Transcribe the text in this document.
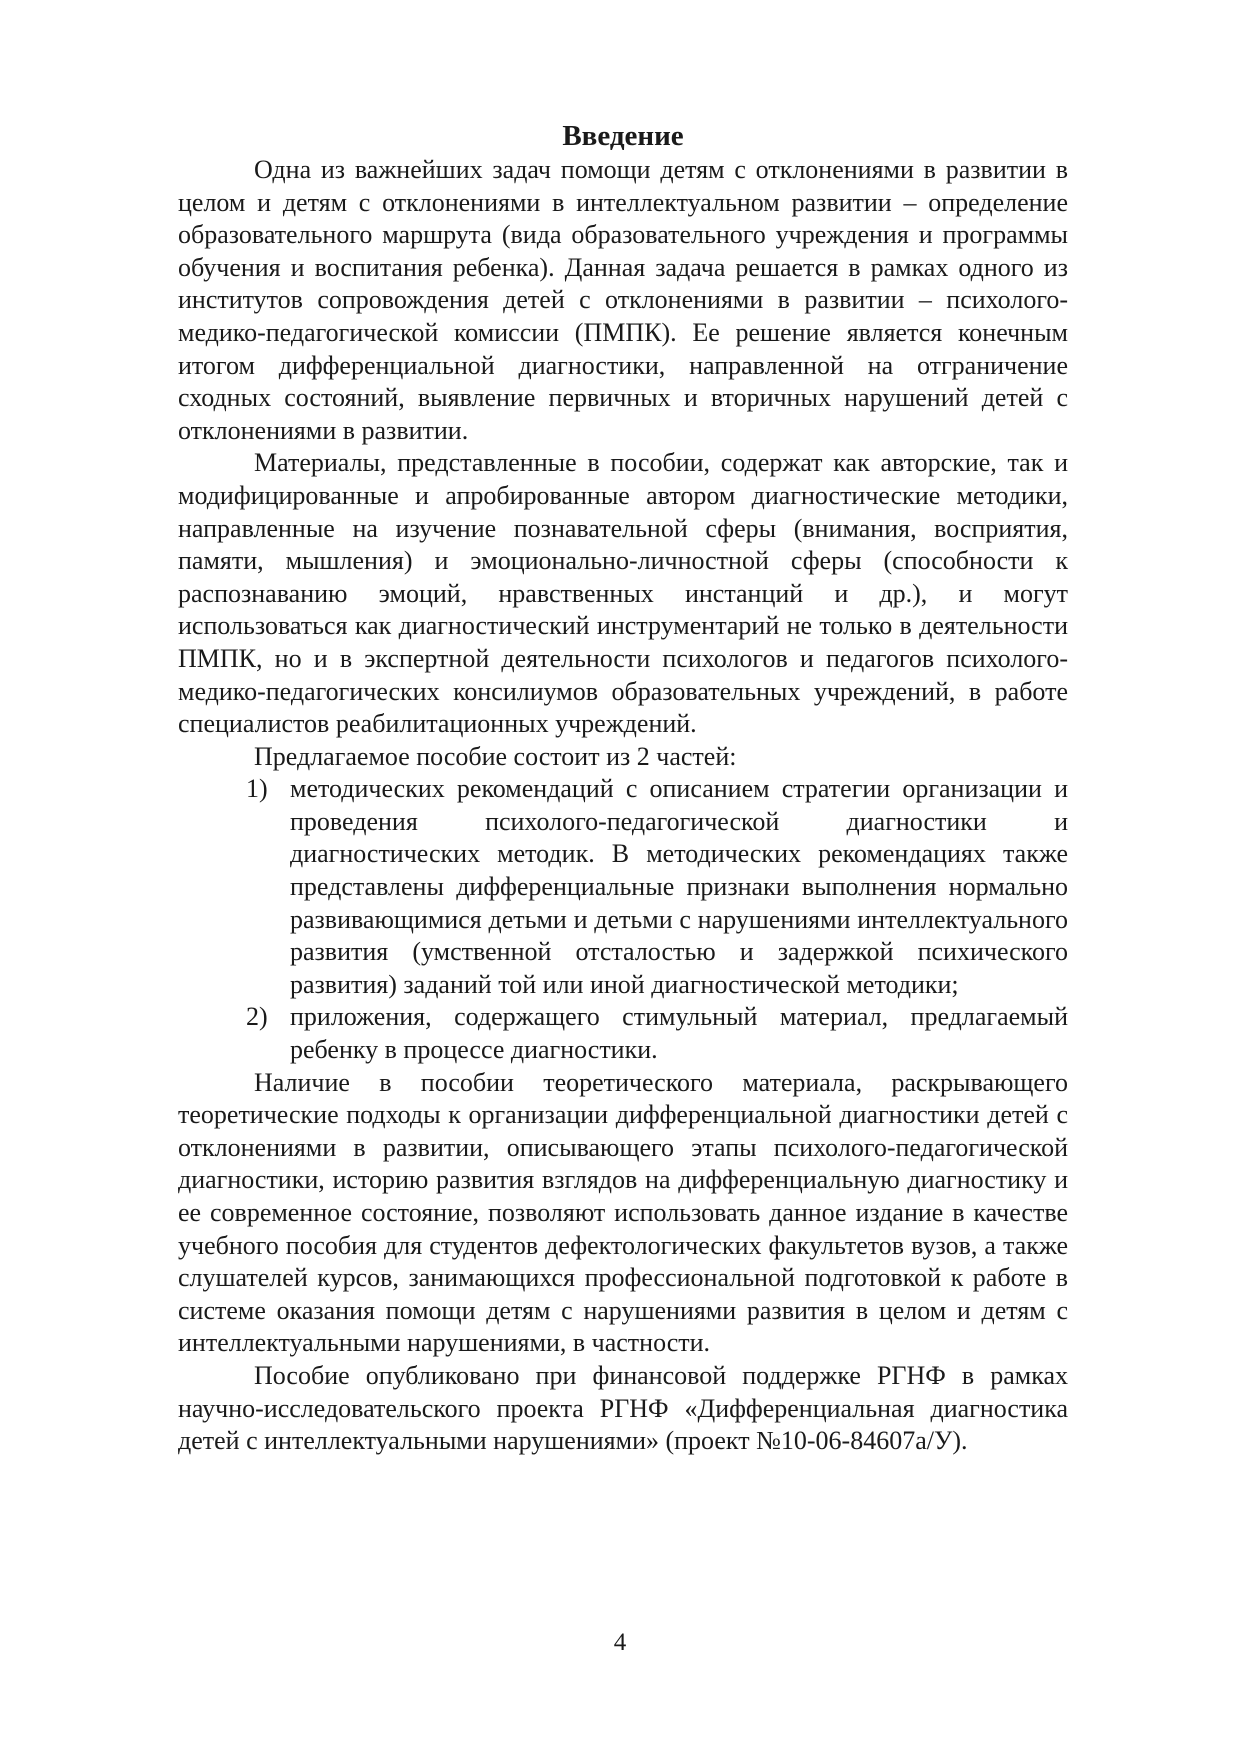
Введение

Одна из важнейших задач помощи детям с отклонениями в развитии в целом и детям с отклонениями в интеллектуальном развитии – определение образовательного маршрута (вида образовательного учреждения и программы обучения и воспитания ребенка). Данная задача решается в рамках одного из институтов сопровождения детей с отклонениями в развитии – психолого-медико-педагогической комиссии (ПМПК). Ее решение является конечным итогом дифференциальной диагностики, направленной на отграничение сходных состояний, выявление первичных и вторичных нарушений детей с отклонениями в развитии.

Материалы, представленные в пособии, содержат как авторские, так и модифицированные и апробированные автором диагностические методики, направленные на изучение познавательной сферы (внимания, восприятия, памяти, мышления) и эмоционально-личностной сферы (способности к распознаванию эмоций, нравственных инстанций и др.), и могут использоваться как диагностический инструментарий не только в деятельности ПМПК, но и в экспертной деятельности психологов и педагогов психолого-медико-педагогических консилиумов образовательных учреждений, в работе специалистов реабилитационных учреждений.

Предлагаемое пособие состоит из 2 частей:

1) методических рекомендаций с описанием стратегии организации и проведения психолого-педагогической диагностики и диагностических методик. В методических рекомендациях также представлены дифференциальные признаки выполнения нормально развивающимися детьми и детьми с нарушениями интеллектуального развития (умственной отсталостью и задержкой психического развития) заданий той или иной диагностической методики;
2) приложения, содержащего стимульный материал, предлагаемый ребенку в процессе диагностики.

Наличие в пособии теоретического материала, раскрывающего теоретические подходы к организации дифференциальной диагностики детей с отклонениями в развитии, описывающего этапы психолого-педагогической диагностики, историю развития взглядов на дифференциальную диагностику и ее современное состояние, позволяют использовать данное издание в качестве учебного пособия для студентов дефектологических факультетов вузов, а также слушателей курсов, занимающихся профессиональной подготовкой к работе в системе оказания помощи детям с нарушениями развития в целом и детям с интеллектуальными нарушениями, в частности.

Пособие опубликовано при финансовой поддержке РГНФ в рамках научно-исследовательского проекта РГНФ «Дифференциальная диагностика детей с интеллектуальными нарушениями» (проект №10-06-84607а/У).

4
